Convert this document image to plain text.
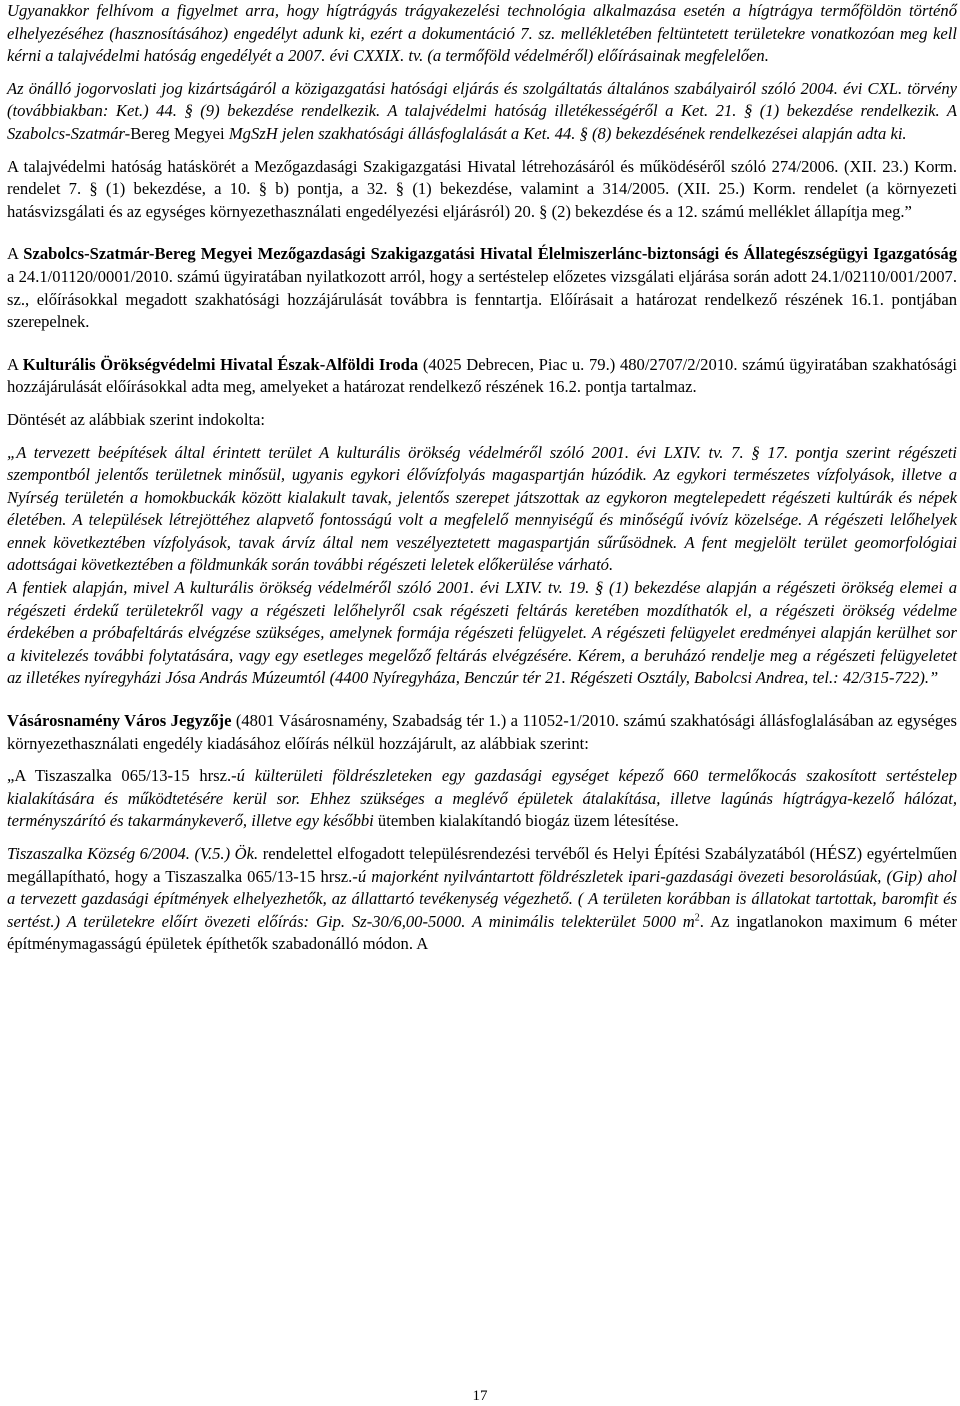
Ugyanakkor felhívom a figyelmet arra, hogy hígtrágyás trágyakezelési technológia alkalmazása esetén a hígtrágya termőföldön történő elhelyezéséhez (hasznosításához) engedélyt adunk ki, ezért a dokumentáció 7. sz. mellékletében feltüntetett területekre vonatkozóan meg kell kérni a talajvédelmi hatóság engedélyét a 2007. évi CXXIX. tv. (a termőföld védelméről) előírásainak megfelelően.

Az önálló jogorvoslati jog kizártságáról a közigazgatási hatósági eljárás és szolgáltatás általános szabályairól szóló 2004. évi CXL. törvény (továbbiakban: Ket.) 44. § (9) bekezdése rendelkezik. A talajvédelmi hatóság illetékességéről a Ket. 21. § (1) bekezdése rendelkezik. A Szabolcs-Szatmár-Bereg Megyei MgSzH jelen szakhatósági állásfoglalását a Ket. 44. § (8) bekezdésének rendelkezései alapján adta ki.

A talajvédelmi hatóság hatáskörét a Mezőgazdasági Szakigazgatási Hivatal létrehozásáról és működéséről szóló 274/2006. (XII. 23.) Korm. rendelet 7. § (1) bekezdése, a 10. § b) pontja, a 32. § (1) bekezdése, valamint a 314/2005. (XII. 25.) Korm. rendelet (a környezeti hatásvizsgálati és az egységes környezethasználati engedélyezési eljárásról) 20. § (2) bekezdése és a 12. számú melléklet állapítja meg.”

A Szabolcs-Szatmár-Bereg Megyei Mezőgazdasági Szakigazgatási Hivatal Élelmiszerlánc-biztonsági és Állategészségügyi Igazgatóság a 24.1/01120/0001/2010. számú ügyiratában nyilatkozott arról, hogy a sertéstelep előzetes vizsgálati eljárása során adott 24.1/02110/001/2007. sz., előírásokkal megadott szakhatósági hozzájárulását továbbra is fenntartja. Előírásait a határozat rendelkező részének 16.1. pontjában szerepelnek.

A Kulturális Örökségvédelmi Hivatal Észak-Alföldi Iroda (4025 Debrecen, Piac u. 79.) 480/2707/2/2010. számú ügyiratában szakhatósági hozzájárulását előírásokkal adta meg, amelyeket a határozat rendelkező részének 16.2. pontja tartalmaz.

Döntését az alábbiak szerint indokolta:

„A tervezett beépítések által érintett terület A kulturális örökség védelméről szóló 2001. évi LXIV. tv. 7. § 17. pontja szerint régészeti szempontból jelentős területnek minősül, ugyanis egykori élővízfolyás magaspartján húzódik. Az egykori természetes vízfolyások, illetve a Nyírség területén a homokbuckák között kialakult tavak, jelentős szerepet játszottak az egykoron megtelepedett régészeti kultúrák és népek életében. A települések létrejöttéhez alapvető fontosságú volt a megfelelő mennyiségű és minőségű ivóvíz közelsége. A régészeti lelőhelyek ennek következtében vízfolyások, tavak árvíz által nem veszélyeztetett magaspartján sűrűsödnek. A fent megjelölt terület geomorfológiai adottságai következtében a földmunkák során további régészeti leletek előkerülése várható.

A fentiek alapján, mivel A kulturális örökség védelméről szóló 2001. évi LXIV. tv. 19. § (1) bekezdése alapján a régészeti örökség elemei a régészeti érdekű területekről vagy a régészeti lelőhelyről csak régészeti feltárás keretében mozdíthatók el, a régészeti örökség védelme érdekében a próbafeltárás elvégzése szükséges, amelynek formája régészeti felügyelet. A régészeti felügyelet eredményei alapján kerülhet sor a kivitelezés további folytatására, vagy egy esetleges megelőző feltárás elvégzésére. Kérem, a beruházó rendelje meg a régészeti felügyeletet az illetékes nyíregyházi Jósa András Múzeumtól (4400 Nyíregyháza, Benczúr tér 21. Régészeti Osztály, Babolcsi Andrea, tel.: 42/315-722).”

Vásárosnamény Város Jegyzője (4801 Vásárosnamény, Szabadság tér 1.) a 11052-1/2010. számú szakhatósági állásfoglalásában az egységes környezethasználati engedély kiadásához előírás nélkül hozzájárult, az alábbiak szerint:

„A Tiszaszalka 065/13-15 hrsz.-ú külterületi földrészleteken egy gazdasági egységet képező 660 termelőkocás szakosított sertéstelep kialakítására és működtetésére kerül sor. Ehhez szükséges a meglévő épületek átalakítása, illetve lagúnás hígtrágya-kezelő hálózat, terményszárító és takarmánykeverő, illetve egy későbbi ütemben kialakítandó biogáz üzem létesítése.

Tiszaszalka Község 6/2004. (V.5.) Ök. rendelettel elfogadott településrendezési tervéből és Helyi Építési Szabályzatából (HÉSZ) egyértelműen megállapítható, hogy a Tiszaszalka 065/13-15 hrsz.-ú majorként nyilvántartott földrészletek ipari-gazdasági övezeti besorolásúak, (Gip) ahol a tervezett gazdasági építmények elhelyezhetők, az állattartó tevékenység végezhető. ( A területen korábban is állatokat tartottak, baromfit és sertést.) A területekre előírt övezeti előírás: Gip. Sz-30/6,00-5000. A minimális telekterület 5000 $m^2$. Az ingatlanokon maximum 6 méter építménymagasságú épületek építhetők szabadonálló módon. A

17
